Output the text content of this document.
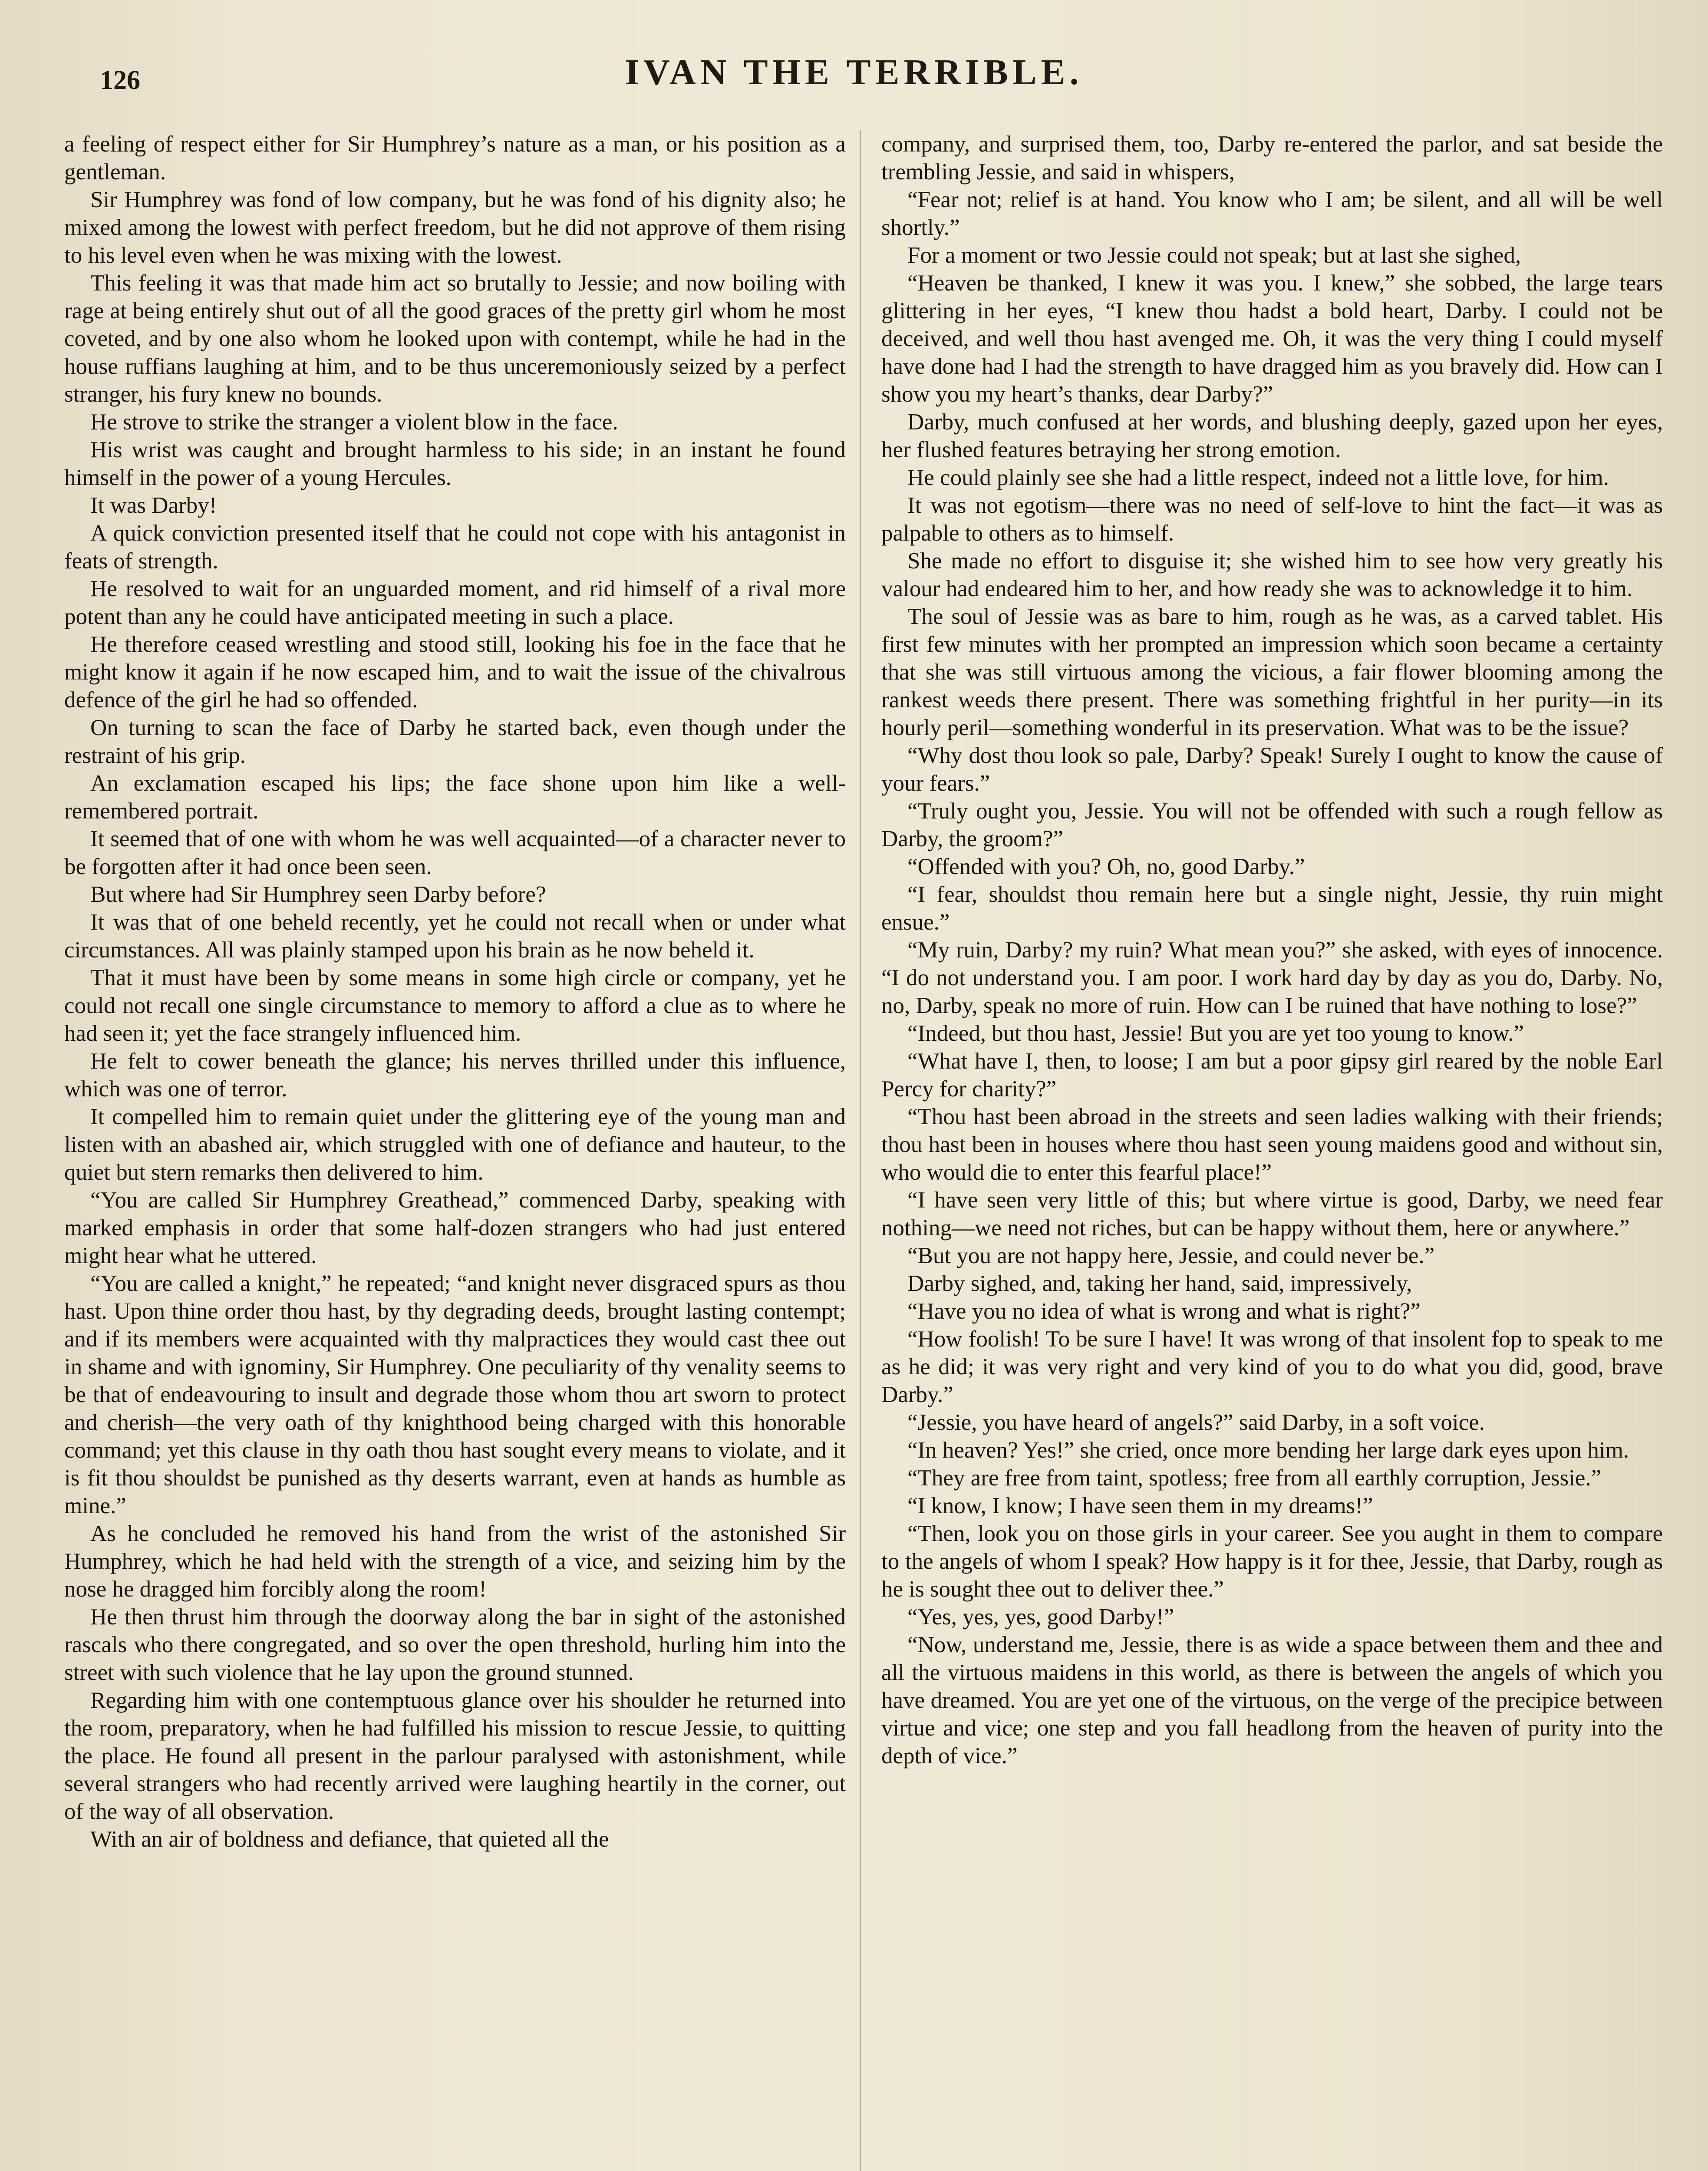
126	IVAN THE TERRIBLE.

a feeling of respect either for Sir Humphrey’s nature as a man, or his position as a gentleman.

Sir Humphrey was fond of low company, but he was fond of his dignity also; he mixed among the lowest with perfect freedom, but he did not approve of them rising to his level even when he was mixing with the lowest.

This feeling it was that made him act so brutally to Jessie; and now boiling with rage at being entirely shut out of all the good graces of the pretty girl whom he most coveted, and by one also whom he looked upon with contempt, while he had in the house ruffians laughing at him, and to be thus unceremoniously seized by a perfect stranger, his fury knew no bounds.

He strove to strike the stranger a violent blow in the face.

His wrist was caught and brought harmless to his side; in an instant he found himself in the power of a young Hercules.

It was Darby!

A quick conviction presented itself that he could not cope with his antagonist in feats of strength.

He resolved to wait for an unguarded moment, and rid himself of a rival more potent than any he could have anticipated meeting in such a place.

He therefore ceased wrestling and stood still, looking his foe in the face that he might know it again if he now escaped him, and to wait the issue of the chivalrous defence of the girl he had so offended.

On turning to scan the face of Darby he started back, even though under the restraint of his grip.

An exclamation escaped his lips; the face shone upon him like a well-remembered portrait.

It seemed that of one with whom he was well acquainted—of a character never to be forgotten after it had once been seen.

But where had Sir Humphrey seen Darby before?

It was that of one beheld recently, yet he could not recall when or under what circumstances. All was plainly stamped upon his brain as he now beheld it.

That it must have been by some means in some high circle or company, yet he could not recall one single circumstance to memory to afford a clue as to where he had seen it; yet the face strangely influenced him.

He felt to cower beneath the glance; his nerves thrilled under this influence, which was one of terror.

It compelled him to remain quiet under the glittering eye of the young man and listen with an abashed air, which struggled with one of defiance and hauteur, to the quiet but stern remarks then delivered to him.

“You are called Sir Humphrey Greathead,” commenced Darby, speaking with marked emphasis in order that some half-dozen strangers who had just entered might hear what he uttered.

“You are called a knight,” he repeated; “and knight never disgraced spurs as thou hast. Upon thine order thou hast, by thy degrading deeds, brought lasting contempt; and if its members were acquainted with thy malpractices they would cast thee out in shame and with ignominy, Sir Humphrey. One peculiarity of thy venality seems to be that of endeavouring to insult and degrade those whom thou art sworn to protect and cherish—the very oath of thy knighthood being charged with this honorable command; yet this clause in thy oath thou hast sought every means to violate, and it is fit thou shouldst be punished as thy deserts warrant, even at hands as humble as mine.”

As he concluded he removed his hand from the wrist of the astonished Sir Humphrey, which he had held with the strength of a vice, and seizing him by the nose he dragged him forcibly along the room!

He then thrust him through the doorway along the bar in sight of the astonished rascals who there congregated, and so over the open threshold, hurling him into the street with such violence that he lay upon the ground stunned.

Regarding him with one contemptuous glance over his shoulder he returned into the room, preparatory, when he had fulfilled his mission to rescue Jessie, to quitting the place. He found all present in the parlour paralysed with astonishment, while several strangers who had recently arrived were laughing heartily in the corner, out of the way of all observation.

With an air of boldness and defiance, that quieted all the

company, and surprised them, too, Darby re-entered the parlor, and sat beside the trembling Jessie, and said in whispers,

“Fear not; relief is at hand. You know who I am; be silent, and all will be well shortly.”

For a moment or two Jessie could not speak; but at last she sighed,

“Heaven be thanked, I knew it was you. I knew,” she sobbed, the large tears glittering in her eyes, “I knew thou hadst a bold heart, Darby. I could not be deceived, and well thou hast avenged me. Oh, it was the very thing I could myself have done had I had the strength to have dragged him as you bravely did. How can I show you my heart’s thanks, dear Darby?”

Darby, much confused at her words, and blushing deeply, gazed upon her eyes, her flushed features betraying her strong emotion.

He could plainly see she had a little respect, indeed not a little love, for him.

It was not egotism—there was no need of self-love to hint the fact—it was as palpable to others as to himself.

She made no effort to disguise it; she wished him to see how very greatly his valour had endeared him to her, and how ready she was to acknowledge it to him.

The soul of Jessie was as bare to him, rough as he was, as a carved tablet. His first few minutes with her prompted an impression which soon became a certainty that she was still virtuous among the vicious, a fair flower blooming among the rankest weeds there present. There was something frightful in her purity—in its hourly peril—something wonderful in its preservation. What was to be the issue?

“Why dost thou look so pale, Darby? Speak! Surely I ought to know the cause of your fears.”

“Truly ought you, Jessie. You will not be offended with such a rough fellow as Darby, the groom?”

“Offended with you? Oh, no, good Darby.”

“I fear, shouldst thou remain here but a single night, Jessie, thy ruin might ensue.”

“My ruin, Darby? my ruin? What mean you?” she asked, with eyes of innocence. “I do not understand you. I am poor. I work hard day by day as you do, Darby. No, no, Darby, speak no more of ruin. How can I be ruined that have nothing to lose?”

“Indeed, but thou hast, Jessie! But you are yet too young to know.”

“What have I, then, to loose; I am but a poor gipsy girl reared by the noble Earl Percy for charity?”

“Thou hast been abroad in the streets and seen ladies walking with their friends; thou hast been in houses where thou hast seen young maidens good and without sin, who would die to enter this fearful place!”

“I have seen very little of this; but where virtue is good, Darby, we need fear nothing—we need not riches, but can be happy without them, here or anywhere.”

“But you are not happy here, Jessie, and could never be.”

Darby sighed, and, taking her hand, said, impressively,

“Have you no idea of what is wrong and what is right?”

“How foolish! To be sure I have! It was wrong of that insolent fop to speak to me as he did; it was very right and very kind of you to do what you did, good, brave Darby.”

“Jessie, you have heard of angels?” said Darby, in a soft voice.

“In heaven? Yes!” she cried, once more bending her large dark eyes upon him.

“They are free from taint, spotless; free from all earthly corruption, Jessie.”

“I know, I know; I have seen them in my dreams!”

“Then, look you on those girls in your career. See you aught in them to compare to the angels of whom I speak? How happy is it for thee, Jessie, that Darby, rough as he is sought thee out to deliver thee.”

“Yes, yes, yes, good Darby!”

“Now, understand me, Jessie, there is as wide a space between them and thee and all the virtuous maidens in this world, as there is between the angels of which you have dreamed. You are yet one of the virtuous, on the verge of the precipice between virtue and vice; one step and you fall headlong from the heaven of purity into the depth of vice.”
